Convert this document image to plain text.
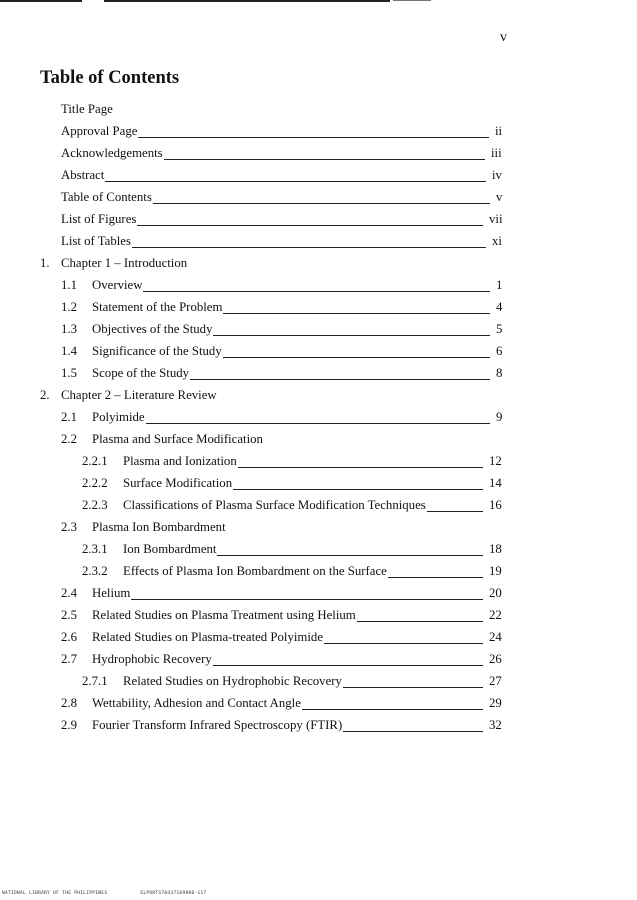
v
Table of Contents
Title Page
Approval Page	ii
Acknowledgements	iii
Abstract	iv
Table of Contents	v
List of Figures	vii
List of Tables	xi
1. Chapter 1 – Introduction
1.1 Overview	1
1.2 Statement of the Problem	4
1.3 Objectives of the Study	5
1.4 Significance of the Study	6
1.5 Scope of the Study	8
2. Chapter 2 – Literature Review
2.1 Polyimide	9
2.2 Plasma and Surface Modification
2.2.1 Plasma and Ionization	12
2.2.2 Surface Modification	14
2.2.3 Classifications of Plasma Surface Modification Techniques	16
2.3 Plasma Ion Bombardment
2.3.1 Ion Bombardment	18
2.3.2 Effects of Plasma Ion Bombardment on the Surface	19
2.4 Helium	20
2.5 Related Studies on Plasma Treatment using Helium	22
2.6 Related Studies on Plasma-treated Polyimide	24
2.7 Hydrophobic Recovery	26
2.7.1 Related Studies on Hydrophobic Recovery	27
2.8 Wettability, Adhesion and Contact Angle	29
2.9 Fourier Transform Infrared Spectroscopy (FTIR)	32
NATIONAL LIBRARY OF THE PHILIPPINES	ELPORTS70437169806-117
